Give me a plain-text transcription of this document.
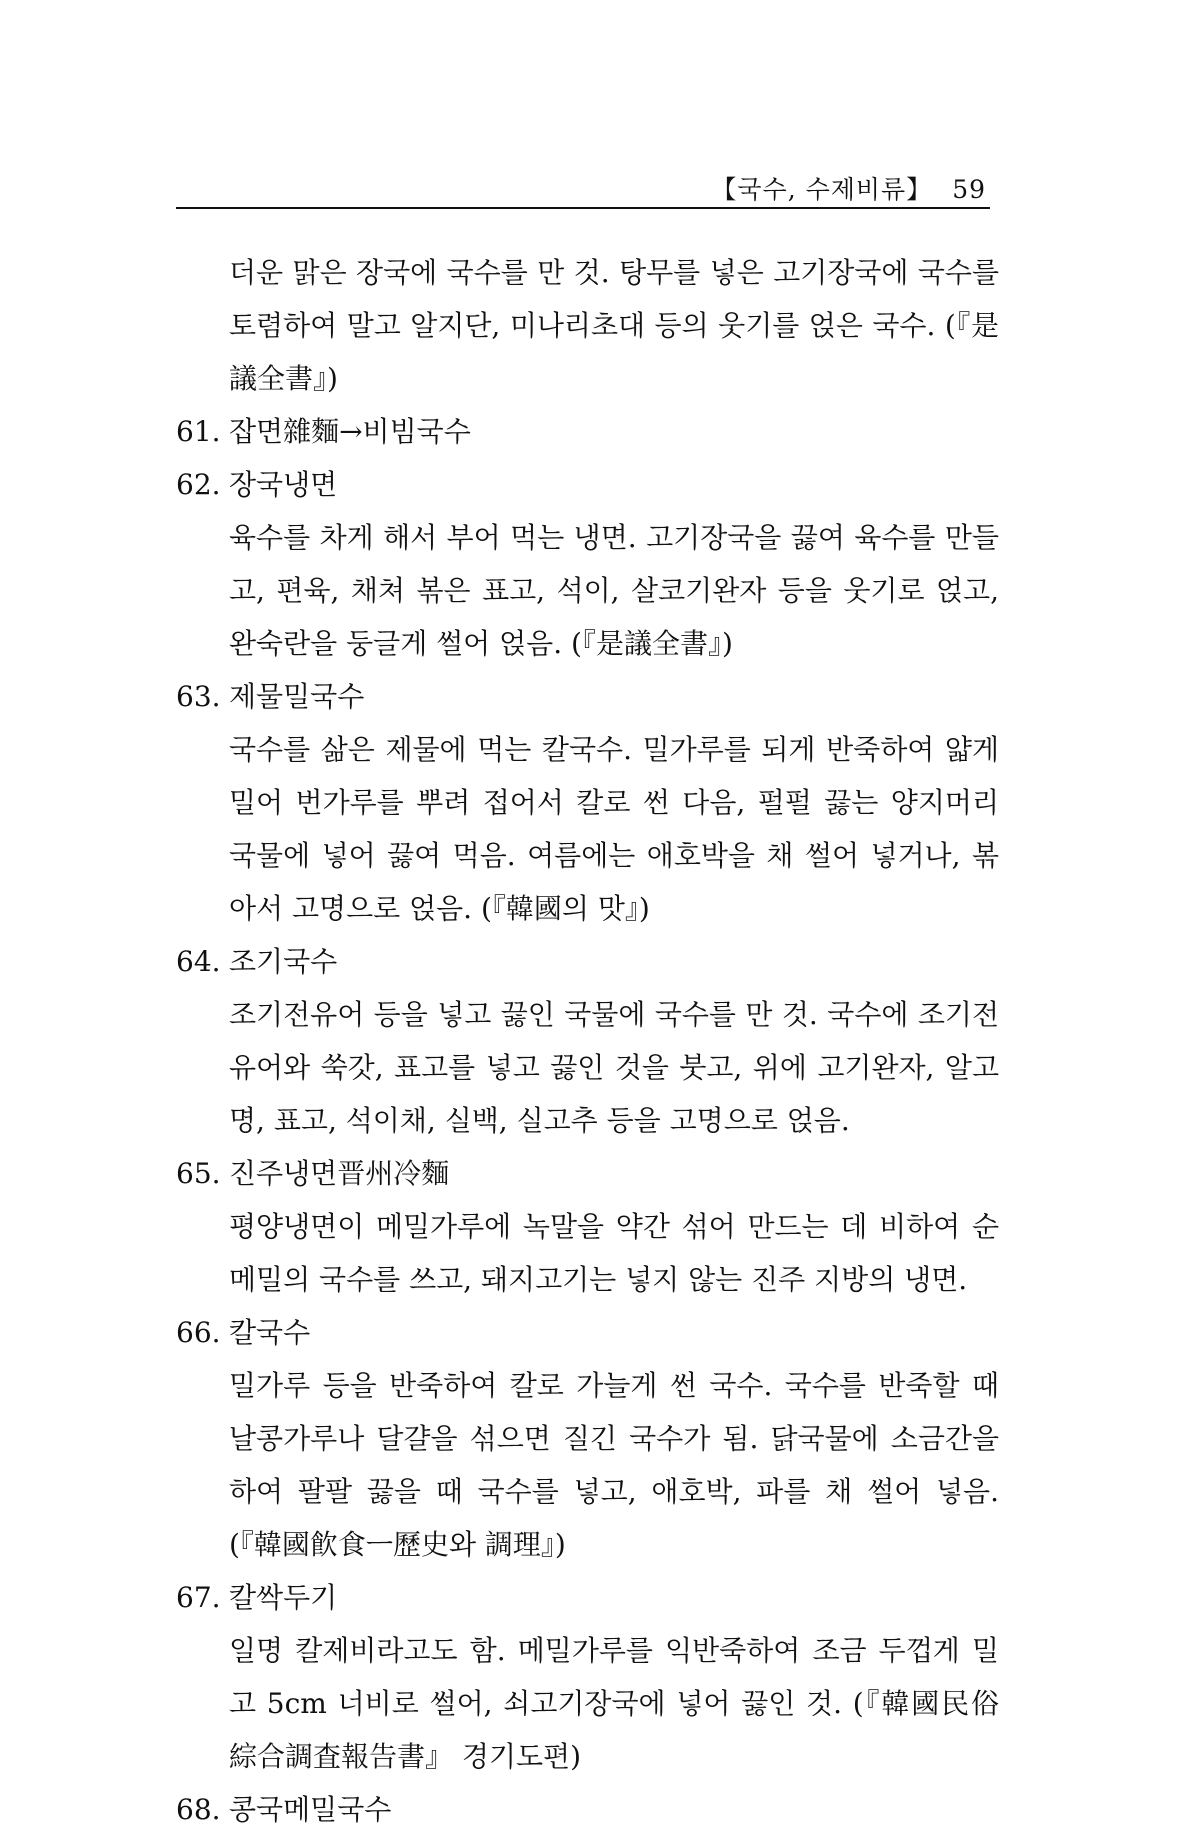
【국수, 수제비류】 59

더운 맑은 장국에 국수를 만 것. 탕무를 넣은 고기장국에 국수를 토렴하여 말고 알지단, 미나리초대 등의 웃기를 얹은 국수. (『是議全書』)

61. 잡면雜麵→비빔국수
62. 장국냉면

육수를 차게 해서 부어 먹는 냉면. 고기장국을 끓여 육수를 만들고, 편육, 채쳐 볶은 표고, 석이, 살코기완자 등을 웃기로 얹고, 완숙란을 둥글게 썰어 얹음. (『是議全書』)

63. 제물밀국수

국수를 삶은 제물에 먹는 칼국수. 밀가루를 되게 반죽하여 얇게 밀어 번가루를 뿌려 접어서 칼로 썬 다음, 펄펄 끓는 양지머리 국물에 넣어 끓여 먹음. 여름에는 애호박을 채 썰어 넣거나, 볶아서 고명으로 얹음. (『韓國의 맛』)

64. 조기국수

조기전유어 등을 넣고 끓인 국물에 국수를 만 것. 국수에 조기전유어와 쑥갓, 표고를 넣고 끓인 것을 붓고, 위에 고기완자, 알고명, 표고, 석이채, 실백, 실고추 등을 고명으로 얹음.

65. 진주냉면晋州冷麵

평양냉면이 메밀가루에 녹말을 약간 섞어 만드는 데 비하여 순메밀의 국수를 쓰고, 돼지고기는 넣지 않는 진주 지방의 냉면.

66. 칼국수

밀가루 등을 반죽하여 칼로 가늘게 썬 국수. 국수를 반죽할 때 날콩가루나 달걀을 섞으면 질긴 국수가 됨. 닭국물에 소금간을 하여 팔팔 끓을 때 국수를 넣고, 애호박, 파를 채 썰어 넣음. (『韓國飮食ㅡ歷史와 調理』)

67. 칼싹두기

일명 칼제비라고도 함. 메밀가루를 익반죽하여 조금 두껍게 밀고 5cm 너비로 썰어, 쇠고기장국에 넣어 끓인 것. (『韓國民俗綜合調査報告書』 경기도편)

68. 콩국메밀국수
